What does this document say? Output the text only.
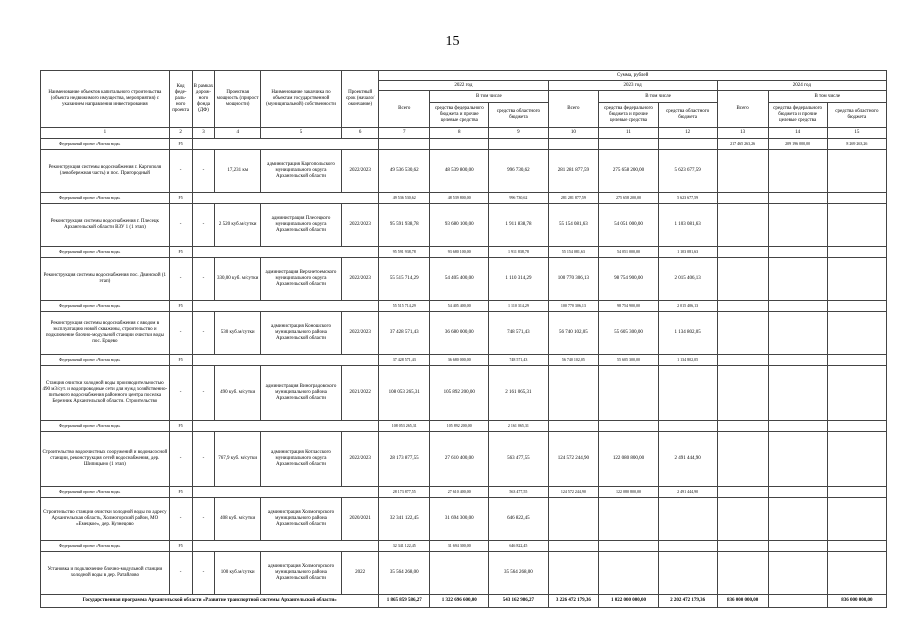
15
Наименование объектов капитального строительства (объекта недвижимого имущества, мероприятия) с указанием направления инвестирования	Код феде-раль-ного проекта	В рамках дорож-ного фонда (ДФ)	Проектная мощность (прирост мощности)	Наименование заказчика по объектам государственной (муниципальной) собственности	Проектный срок (начало/окончание)	Сумма, рублей								
						2022 год			2023 год			2024 год		
						Всего	В том числе		Всего	В том числе		Всего	В том числе	
							средства федерального бюджета и прочие целевые средства	средства областного бюджета		средства федерального бюджета и прочие целевые средства	средства областного бюджета		средства федерального бюджета и прочие целевые средства	средства областного бюджета
1	2	3	4	5	6	7	8	9	10	11	12	13	14	15
Федеральный проект «Чистая вода»	F5											217 465 263,26	209 196 000,00	8 269 263,26
Реконструкция системы водоснабжения г. Каргополя (левобережная часть) и пос. Пригородный	-	-	17,231 км	администрация Каргопольского муниципального округа Архангельской области	2022/2023	49 536 530,62	48 539 800,00	996 730,62	281 281 877,59	275 658 200,00	5 623 677,59			
Федеральный проект «Чистая вода»	F5					49 536 530,62	48 539 800,00	996 730,62	281 281 877,59	275 658 200,00	5 623 677,59			
Реконструкция системы водоснабжения г. Плесецк Архангельской области ВЗУ 1 (1 этап)	-	-	2 520 куб.м/сутки	администрация Плесецкого муниципального округа Архангельской области	2022/2023	95 591 938,78	93 680 100,00	1 911 838,78	55 154 081,63	54 051 000,00	1 103 081,63			
Федеральный проект «Чистая вода»	F5					95 591 938,78	93 680 100,00	1 911 838,78	55 154 081,63	54 051 000,00	1 103 081,63			
Реконструкция системы водоснабжения пос. Двинской (1 этап)	-	-	330,00 куб. м/сутки	администрация Верхнетоемского муниципального округа Архангельской области	2022/2023	55 515 714,29	54 405 400,00	1 110 314,29	100 770 306,13	98 754 900,00	2 015 406,13			
Федеральный проект «Чистая вода»	F5					55 515 714,29	54 405 400,00	1 110 314,29	100 770 306,13	98 754 900,00	2 015 406,13			
Реконструкция системы водоснабжения с вводом в эксплуатацию новой скважины, строительство и подключение блочно-модульной станции очистки воды пос. Ерцево	-	-	530 куб.м/сутки	администрация Коношского муниципального района Архангельской области	2022/2023	37 428 571,43	36 680 000,00	748 571,43	56 740 102,05	55 605 300,00	1 134 802,05			
Федеральный проект «Чистая вода»	F5					37 428 571,43	36 680 000,00	748 571,43	56 740 102,05	55 605 300,00	1 134 802,05			
Станция очистки холодной воды производительностью 490 м3/сут. и водопроводные сети для нужд хозяйственно-питьевого водоснабжения районного центра поселка Березник Архангельской области. Строительство	-	-	490 куб. м/сутки	администрация Виноградовского муниципального района Архангельской области	2021/2022	108 053 265,31	105 892 200,00	2 161 065,31						
Федеральный проект «Чистая вода»	F5					108 053 265,31	105 892 200,00	2 161 065,31						
Строительство водоочистных сооружений и водонасосной станции, реконструкция сетей водоснабжения, дер. Шипицыно (1 этап)	-	-	767,9 куб. м/сутки	администрация Котласского муниципального округа Архангельской области	2022/2023	28 173 877,55	27 610 400,00	563 477,55	124 572 244,90	122 080 800,00	2 491 444,90			
Федеральный проект «Чистая вода»	F5					28 173 877,55	27 610 400,00	563 477,55	124 572 244,90	122 080 800,00	2 491 444,90			
Строительство станции очистки холодной воды по адресу Архангельская область, Холмогорский район, МО «Емецкое», дер. Кузнецово	-	-	408 куб. м/сутки	администрация Холмогорского муниципального района Архангельской области	2020/2021	32 341 122,45	31 694 300,00	646 822,45						
Федеральный проект «Чистая вода»	F5					32 341 122,45	31 694 300,00	646 822,45						
Установка и подключение блочно-модульной станции холодной воды в дер. Ратайлово	-	-	100 куб.м/сутки	администрация Холмогорского муниципального района Архангельской области	2022	35 564 268,00		35 564 268,00						
Государственная программа Архангельской области «Развитие транспортной системы Архангельской области»						1 865 859 586,27	1 322 696 600,00	543 162 986,27	3 226 472 179,36	1 022 000 000,00	2 202 472 179,36	836 000 000,00		836 000 000,00
